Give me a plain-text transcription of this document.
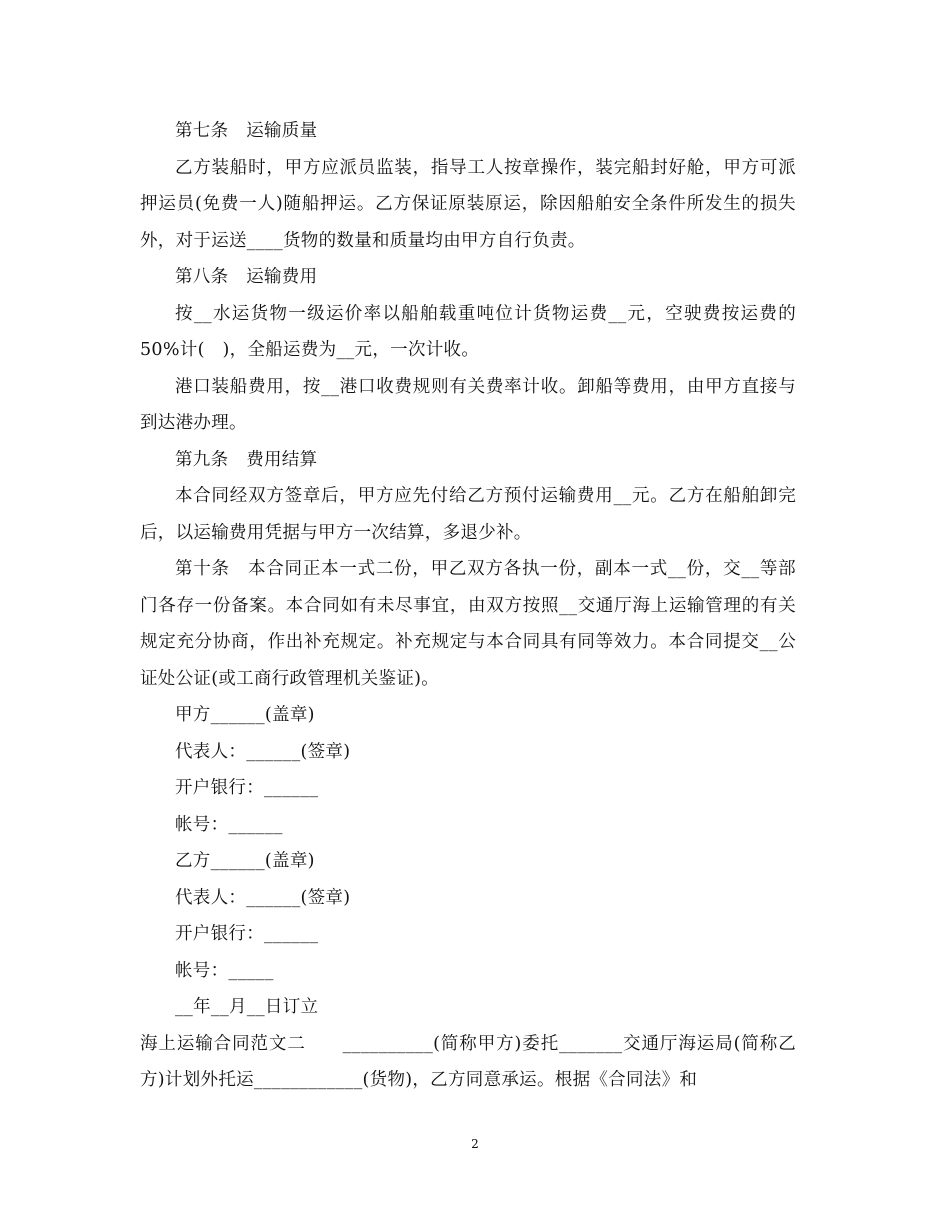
第七条　运输质量

乙方装船时，甲方应派员监装，指导工人按章操作，装完船封好舱，甲方可派押运员(免费一人)随船押运。乙方保证原装原运，除因船舶安全条件所发生的损失外，对于运送____货物的数量和质量均由甲方自行负责。

第八条　运输费用

按__水运货物一级运价率以船舶载重吨位计货物运费__元，空驶费按运费的50%计(　)，全船运费为__元，一次计收。

港口装船费用，按__港口收费规则有关费率计收。卸船等费用，由甲方直接与到达港办理。

第九条　费用结算

本合同经双方签章后，甲方应先付给乙方预付运输费用__元。乙方在船舶卸完后，以运输费用凭据与甲方一次结算，多退少补。

第十条　本合同正本一式二份，甲乙双方各执一份，副本一式__份，交__等部门各存一份备案。本合同如有未尽事宜，由双方按照__交通厅海上运输管理的有关规定充分协商，作出补充规定。补充规定与本合同具有同等效力。本合同提交__公证处公证(或工商行政管理机关鉴证)。

甲方______(盖章)

代表人：______(签章)

开户银行：______

帐号：______

乙方______(盖章)

代表人：______(签章)

开户银行：______

帐号：_____

__年__月__日订立

海上运输合同范文二　　__________(简称甲方)委托_______交通厅海运局(简称乙方)计划外托运____________(货物)，乙方同意承运。根据《合同法》和

2
